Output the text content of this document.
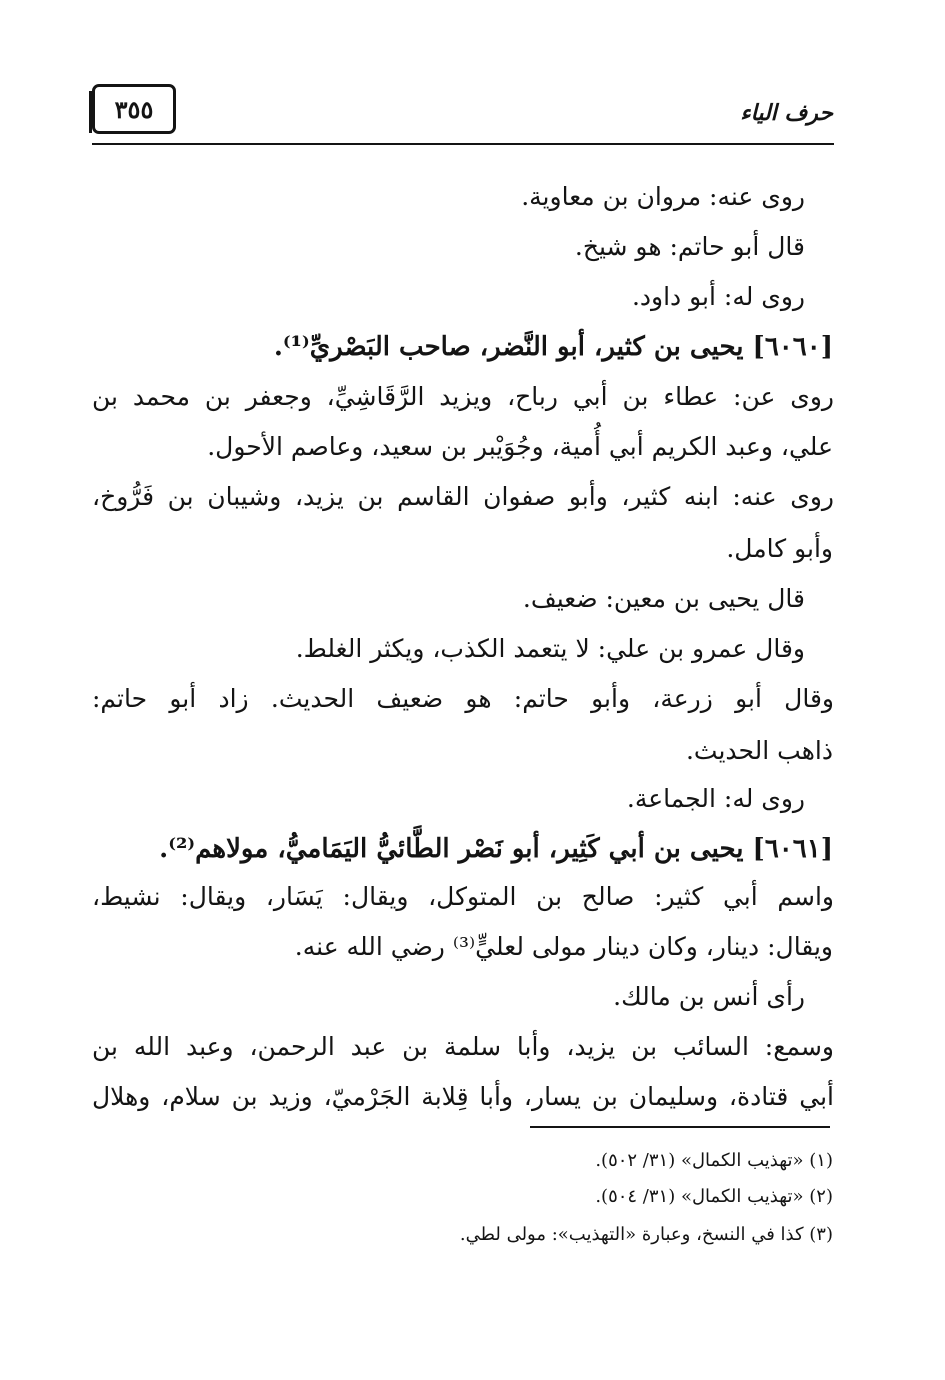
حرف الياء
٣٥٥
روى عنه: مروان بن معاوية.
قال أبو حاتم: هو شيخ.
روى له: أبو داود.
[٦٠٦٠] يحيى بن كثير، أبو النَّضر، صاحب البَصْريِّ⁽¹⁾.
روى عن: عطاء بن أبي رباح، ويزيد الرَّقَاشِيِّ، وجعفر بن محمد بن
علي، وعبد الكريم أبي أُمية، وجُوَيْبر بن سعيد، وعاصم الأحول.
روى عنه: ابنه كثير، وأبو صفوان القاسم بن يزيد، وشيبان بن فَرُّوخ،
وأبو كامل.
قال يحيى بن معين: ضعيف.
وقال عمرو بن علي: لا يتعمد الكذب، ويكثر الغلط.
وقال أبو زرعة، وأبو حاتم: هو ضعيف الحديث. زاد أبو حاتم:
ذاهب الحديث.
روى له: الجماعة.
[٦٠٦١] يحيى بن أبي كَثِير، أبو نَصْر الطَّائيُّ اليَمَاميُّ، مولاهم⁽²⁾.
واسم أبي كثير: صالح بن المتوكل، ويقال: يَسَار، ويقال: نشيط،
ويقال: دينار، وكان دينار مولى لعليٍّ⁽³⁾ رضي الله عنه.
رأى أنس بن مالك.
وسمع: السائب بن يزيد، وأبا سلمة بن عبد الرحمن، وعبد الله بن
أبي قتادة، وسليمان بن يسار، وأبا قِلابة الجَرْميّ، وزيد بن سلام، وهلال
(١) «تهذيب الكمال» (٣١/ ٥٠٢).
(٢) «تهذيب الكمال» (٣١/ ٥٠٤).
(٣) كذا في النسخ، وعبارة «التهذيب»: مولى لطي.
